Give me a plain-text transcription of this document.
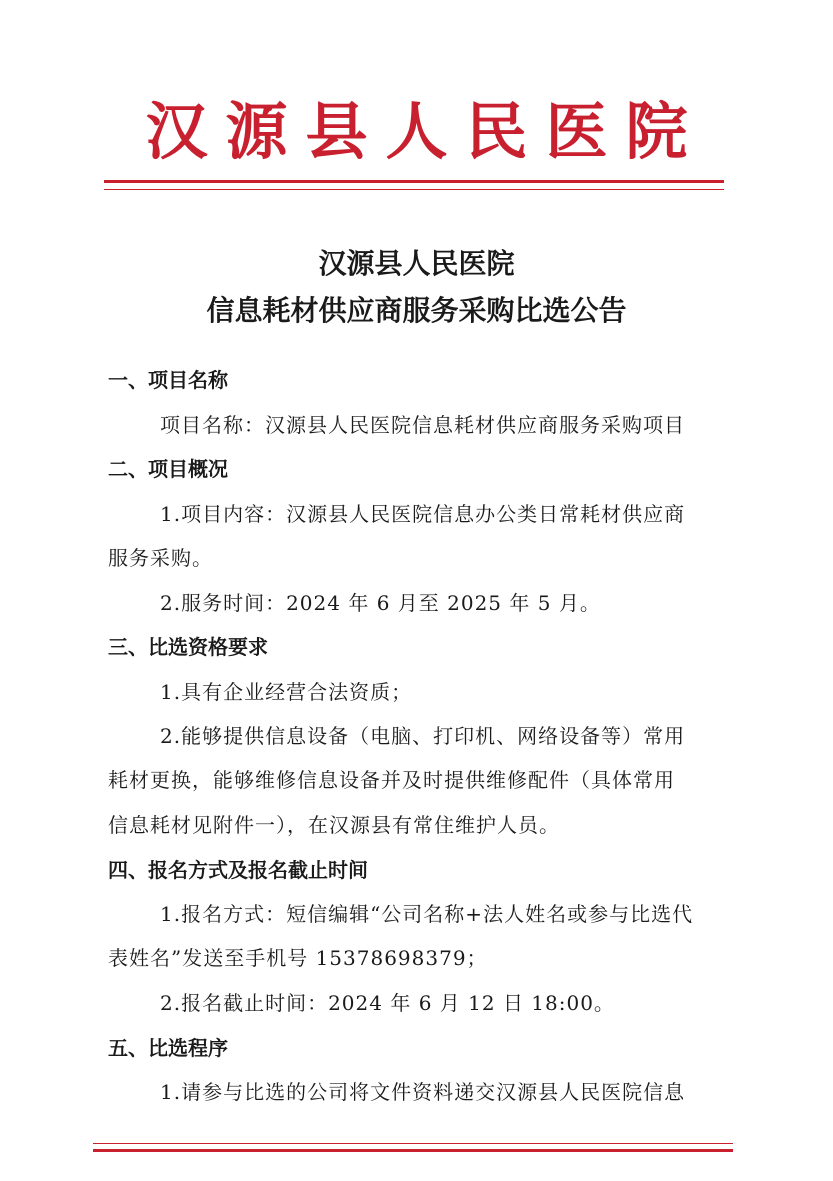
汉源县人民医院
汉源县人民医院
信息耗材供应商服务采购比选公告
一、项目名称
项目名称：汉源县人民医院信息耗材供应商服务采购项目
二、项目概况
1.项目内容：汉源县人民医院信息办公类日常耗材供应商
服务采购。
2.服务时间：2024 年 6 月至 2025 年 5 月。
三、比选资格要求
1.具有企业经营合法资质；
2.能够提供信息设备（电脑、打印机、网络设备等）常用
耗材更换，能够维修信息设备并及时提供维修配件（具体常用
信息耗材见附件一），在汉源县有常住维护人员。
四、报名方式及报名截止时间
1.报名方式：短信编辑“公司名称+法人姓名或参与比选代
表姓名”发送至手机号 15378698379；
2.报名截止时间：2024 年 6 月 12 日 18:00。
五、比选程序
1.请参与比选的公司将文件资料递交汉源县人民医院信息
